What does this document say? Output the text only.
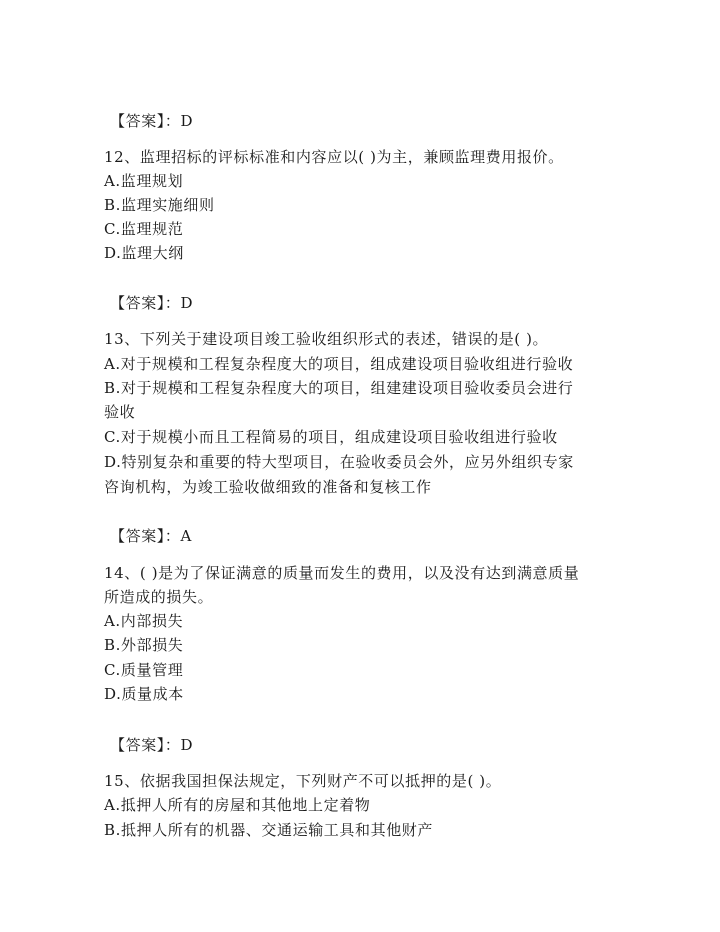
【答案】：D
12、监理招标的评标标准和内容应以( )为主，兼顾监理费用报价。
A.监理规划
B.监理实施细则
C.监理规范
D.监理大纲
【答案】：D
13、下列关于建设项目竣工验收组织形式的表述，错误的是( )。
A.对于规模和工程复杂程度大的项目，组成建设项目验收组进行验收
B.对于规模和工程复杂程度大的项目，组建建设项目验收委员会进行
验收
C.对于规模小而且工程简易的项目，组成建设项目验收组进行验收
D.特别复杂和重要的特大型项目，在验收委员会外，应另外组织专家
咨询机构，为竣工验收做细致的准备和复核工作
【答案】：A
14、( )是为了保证满意的质量而发生的费用，以及没有达到满意质量
所造成的损失。
A.内部损失
B.外部损失
C.质量管理
D.质量成本
【答案】：D
15、依据我国担保法规定，下列财产不可以抵押的是( )。
A.抵押人所有的房屋和其他地上定着物
B.抵押人所有的机器、交通运输工具和其他财产
